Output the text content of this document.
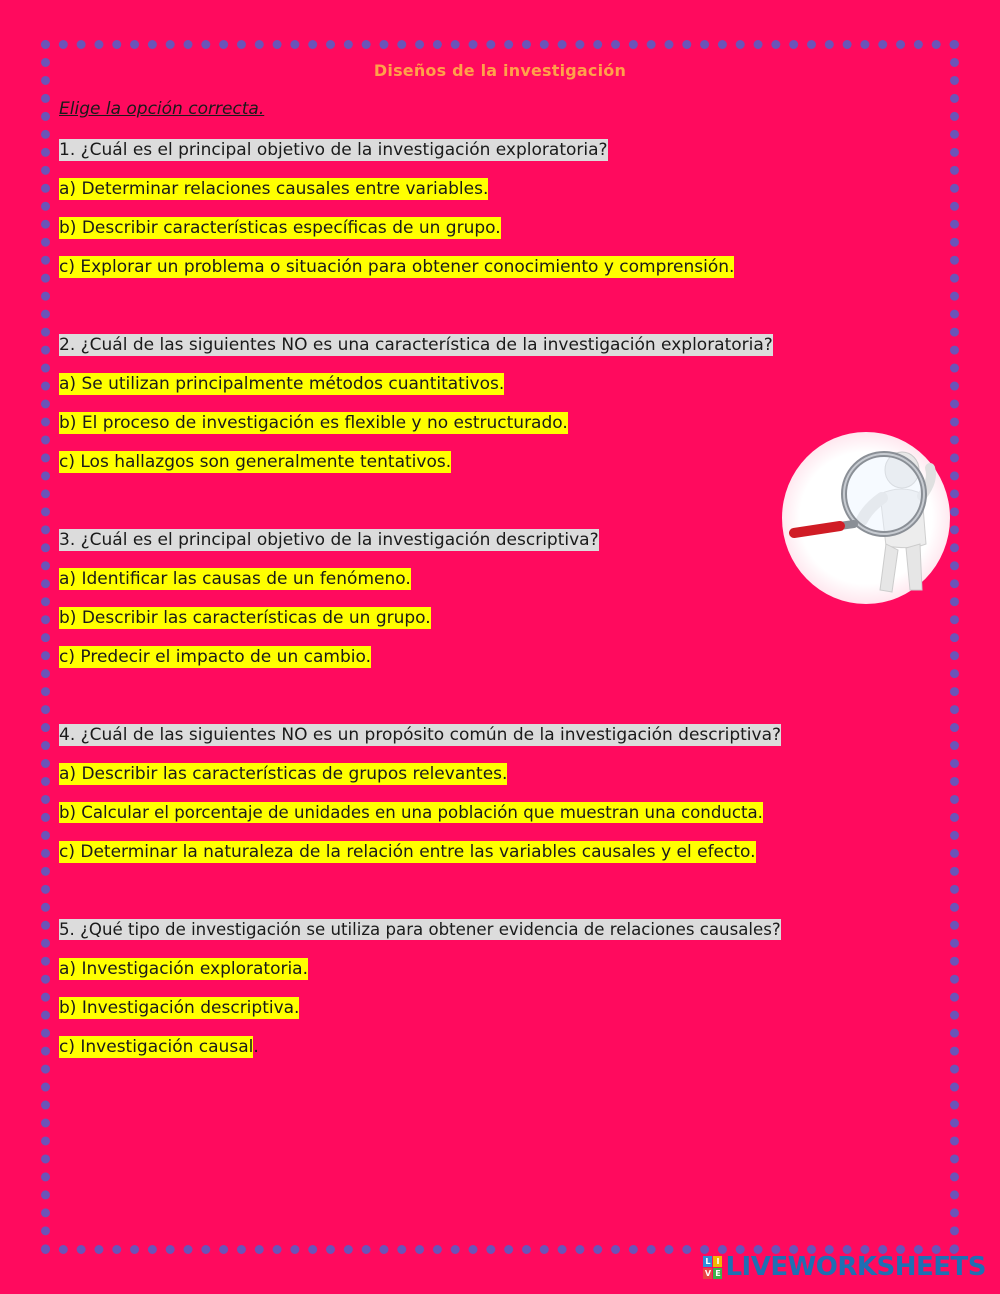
Diseños de la investigación
Elige la opción correcta.
1. ¿Cuál es el principal objetivo de la investigación exploratoria?
a) Determinar relaciones causales entre variables.
b) Describir características específicas de un grupo.
c) Explorar un problema o situación para obtener conocimiento y comprensión.
2. ¿Cuál de las siguientes NO es una característica de la investigación exploratoria?
a) Se utilizan principalmente métodos cuantitativos.
b) El proceso de investigación es flexible y no estructurado.
c) Los hallazgos son generalmente tentativos.
3. ¿Cuál es el principal objetivo de la investigación descriptiva?
a) Identificar las causas de un fenómeno.
b) Describir las características de un grupo.
c) Predecir el impacto de un cambio.
4. ¿Cuál de las siguientes NO es un propósito común de la investigación descriptiva?
a) Describir las características de grupos relevantes.
b) Calcular el porcentaje de unidades en una población que muestran una conducta.
c) Determinar la naturaleza de la relación entre las variables causales y el efecto.
5. ¿Qué tipo de investigación se utiliza para obtener evidencia de relaciones causales?
a) Investigación exploratoria.
b) Investigación descriptiva.
c) Investigación causal.
L I
V E LIVEWORKSHEETS
